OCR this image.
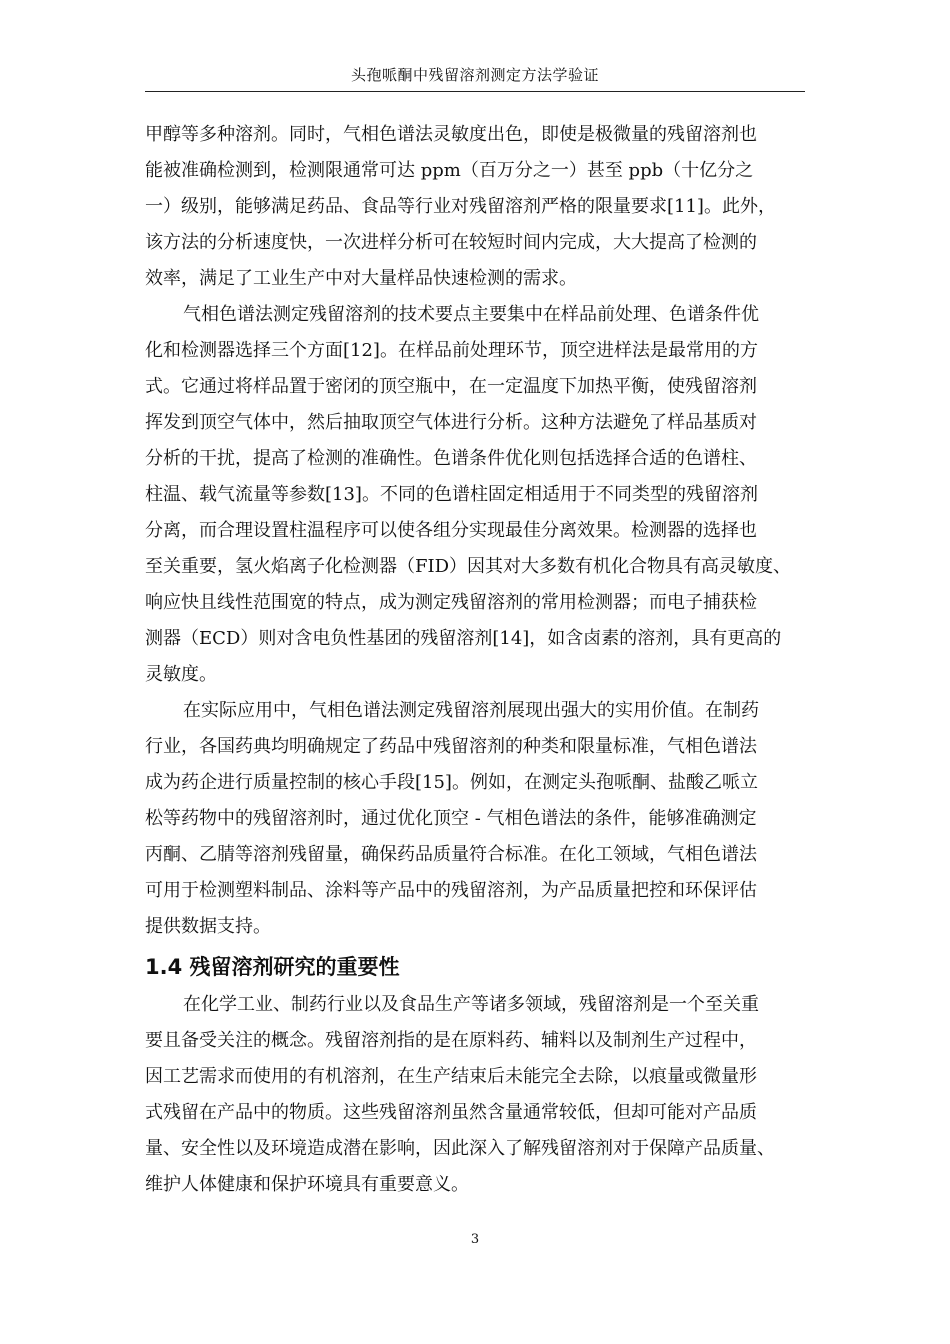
头孢哌酮中残留溶剂测定方法学验证
甲醇等多种溶剂。同时，气相色谱法灵敏度出色，即使是极微量的残留溶剂也
能被准确检测到，检测限通常可达 ppm（百万分之一）甚至 ppb（十亿分之
一）级别，能够满足药品、食品等行业对残留溶剂严格的限量要求[11]。此外，
该方法的分析速度快，一次进样分析可在较短时间内完成，大大提高了检测的
效率，满足了工业生产中对大量样品快速检测的需求。
气相色谱法测定残留溶剂的技术要点主要集中在样品前处理、色谱条件优
化和检测器选择三个方面[12]。在样品前处理环节，顶空进样法是最常用的方
式。它通过将样品置于密闭的顶空瓶中，在一定温度下加热平衡，使残留溶剂
挥发到顶空气体中，然后抽取顶空气体进行分析。这种方法避免了样品基质对
分析的干扰，提高了检测的准确性。色谱条件优化则包括选择合适的色谱柱、
柱温、载气流量等参数[13]。不同的色谱柱固定相适用于不同类型的残留溶剂
分离，而合理设置柱温程序可以使各组分实现最佳分离效果。检测器的选择也
至关重要，氢火焰离子化检测器（FID）因其对大多数有机化合物具有高灵敏度、
响应快且线性范围宽的特点，成为测定残留溶剂的常用检测器；而电子捕获检
测器（ECD）则对含电负性基团的残留溶剂[14]，如含卤素的溶剂，具有更高的
灵敏度。
在实际应用中，气相色谱法测定残留溶剂展现出强大的实用价值。在制药
行业，各国药典均明确规定了药品中残留溶剂的种类和限量标准，气相色谱法
成为药企进行质量控制的核心手段[15]。例如，在测定头孢哌酮、盐酸乙哌立
松等药物中的残留溶剂时，通过优化顶空 - 气相色谱法的条件，能够准确测定
丙酮、乙腈等溶剂残留量，确保药品质量符合标准。在化工领域，气相色谱法
可用于检测塑料制品、涂料等产品中的残留溶剂，为产品质量把控和环保评估
提供数据支持。
1.4 残留溶剂研究的重要性
在化学工业、制药行业以及食品生产等诸多领域，残留溶剂是一个至关重
要且备受关注的概念。残留溶剂指的是在原料药、辅料以及制剂生产过程中，
因工艺需求而使用的有机溶剂，在生产结束后未能完全去除，以痕量或微量形
式残留在产品中的物质。这些残留溶剂虽然含量通常较低，但却可能对产品质
量、安全性以及环境造成潜在影响，因此深入了解残留溶剂对于保障产品质量、
维护人体健康和保护环境具有重要意义。
3
